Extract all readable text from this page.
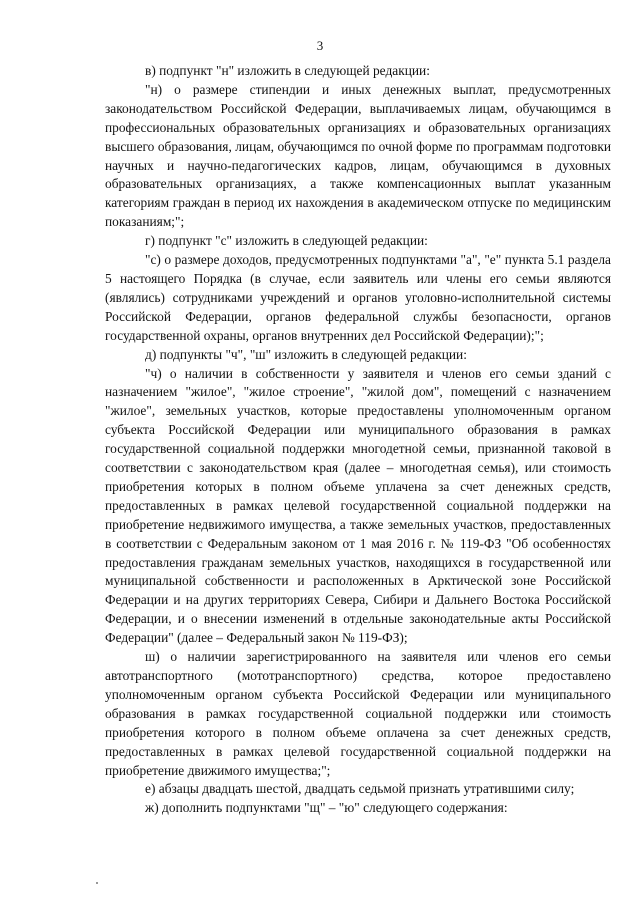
3

в) подпункт "н" изложить в следующей редакции:

"н) о размере стипендии и иных денежных выплат, предусмотренных законодательством Российской Федерации, выплачиваемых лицам, обучающимся в профессиональных образовательных организациях и образовательных организациях высшего образования, лицам, обучающимся по очной форме по программам подготовки научных и научно-педагогических кадров, лицам, обучающимся в духовных образовательных организациях, а также компенсационных выплат указанным категориям граждан в период их нахождения в академическом отпуске по медицинским показаниям;";

г) подпункт "с" изложить в следующей редакции:

"с) о размере доходов, предусмотренных подпунктами "а", "е" пункта 5.1 раздела 5 настоящего Порядка (в случае, если заявитель или члены его семьи являются (являлись) сотрудниками учреждений и органов уголовно-исполнительной системы Российской Федерации, органов федеральной службы безопасности, органов государственной охраны, органов внутренних дел Российской Федерации);";

д) подпункты "ч", "ш" изложить в следующей редакции:

"ч) о наличии в собственности у заявителя и членов его семьи зданий с назначением "жилое", "жилое строение", "жилой дом", помещений с назначением "жилое", земельных участков, которые предоставлены уполномоченным органом субъекта Российской Федерации или муниципального образования в рамках государственной социальной поддержки многодетной семьи, признанной таковой в соответствии с законодательством края (далее – многодетная семья), или стоимость приобретения которых в полном объеме уплачена за счет денежных средств, предоставленных в рамках целевой государственной социальной поддержки на приобретение недвижимого имущества, а также земельных участков, предоставленных в соответствии с Федеральным законом от 1 мая 2016 г. № 119-ФЗ "Об особенностях предоставления гражданам земельных участков, находящихся в государственной или муниципальной собственности и расположенных в Арктической зоне Российской Федерации и на других территориях Севера, Сибири и Дальнего Востока Российской Федерации, и о внесении изменений в отдельные законодательные акты Российской Федерации" (далее – Федеральный закон № 119-ФЗ);

ш) о наличии зарегистрированного на заявителя или членов его семьи автотранспортного (мототранспортного) средства, которое предоставлено уполномоченным органом субъекта Российской Федерации или муниципального образования в рамках государственной социальной поддержки или стоимость приобретения которого в полном объеме оплачена за счет денежных средств, предоставленных в рамках целевой государственной социальной поддержки на приобретение движимого имущества;";

е) абзацы двадцать шестой, двадцать седьмой признать утратившими силу;

ж) дополнить подпунктами "щ" – "ю" следующего содержания:
